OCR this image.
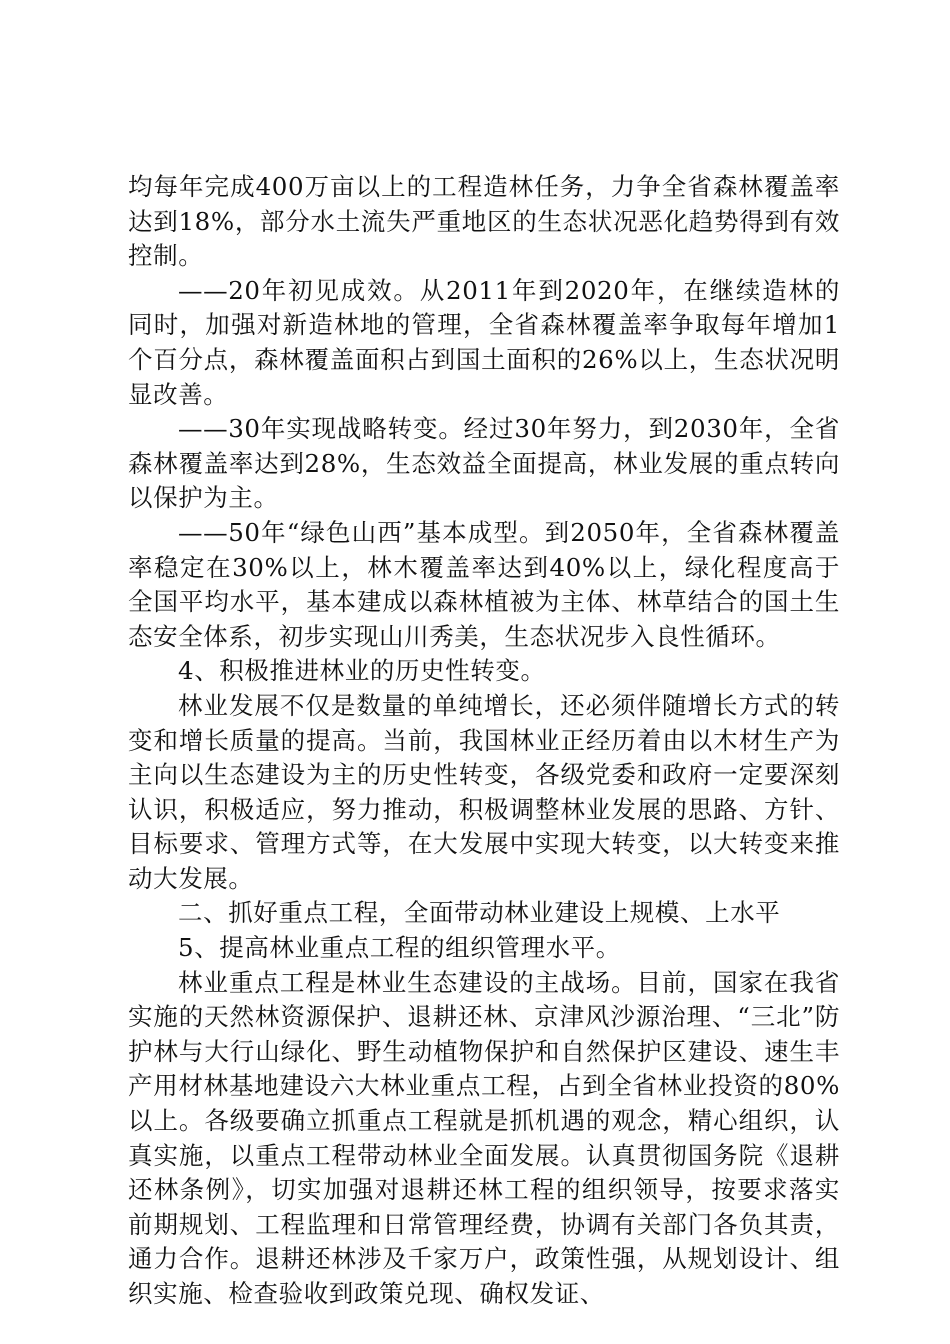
均每年完成400万亩以上的工程造林任务，力争全省森林覆盖率达到18%，部分水土流失严重地区的生态状况恶化趋势得到有效控制。

——20年初见成效。从2011年到2020年，在继续造林的同时，加强对新造林地的管理，全省森林覆盖率争取每年增加1个百分点，森林覆盖面积占到国土面积的26%以上，生态状况明显改善。

——30年实现战略转变。经过30年努力，到2030年，全省森林覆盖率达到28%，生态效益全面提高，林业发展的重点转向以保护为主。

——50年“绿色山西”基本成型。到2050年，全省森林覆盖率稳定在30%以上，林木覆盖率达到40%以上，绿化程度高于全国平均水平，基本建成以森林植被为主体、林草结合的国土生态安全体系，初步实现山川秀美，生态状况步入良性循环。

4、积极推进林业的历史性转变。

林业发展不仅是数量的单纯增长，还必须伴随增长方式的转变和增长质量的提高。当前，我国林业正经历着由以木材生产为主向以生态建设为主的历史性转变，各级党委和政府一定要深刻认识，积极适应，努力推动，积极调整林业发展的思路、方针、目标要求、管理方式等，在大发展中实现大转变，以大转变来推动大发展。

二、抓好重点工程，全面带动林业建设上规模、上水平

5、提高林业重点工程的组织管理水平。

林业重点工程是林业生态建设的主战场。目前，国家在我省实施的天然林资源保护、退耕还林、京津风沙源治理、“三北”防护林与大行山绿化、野生动植物保护和自然保护区建设、速生丰产用材林基地建设六大林业重点工程，占到全省林业投资的80%以上。各级要确立抓重点工程就是抓机遇的观念，精心组织，认真实施，以重点工程带动林业全面发展。认真贯彻国务院《退耕还林条例》，切实加强对退耕还林工程的组织领导，按要求落实前期规划、工程监理和日常管理经费，协调有关部门各负其责，通力合作。退耕还林涉及千家万户，政策性强，从规划设计、组织实施、检查验收到政策兑现、确权发证、
